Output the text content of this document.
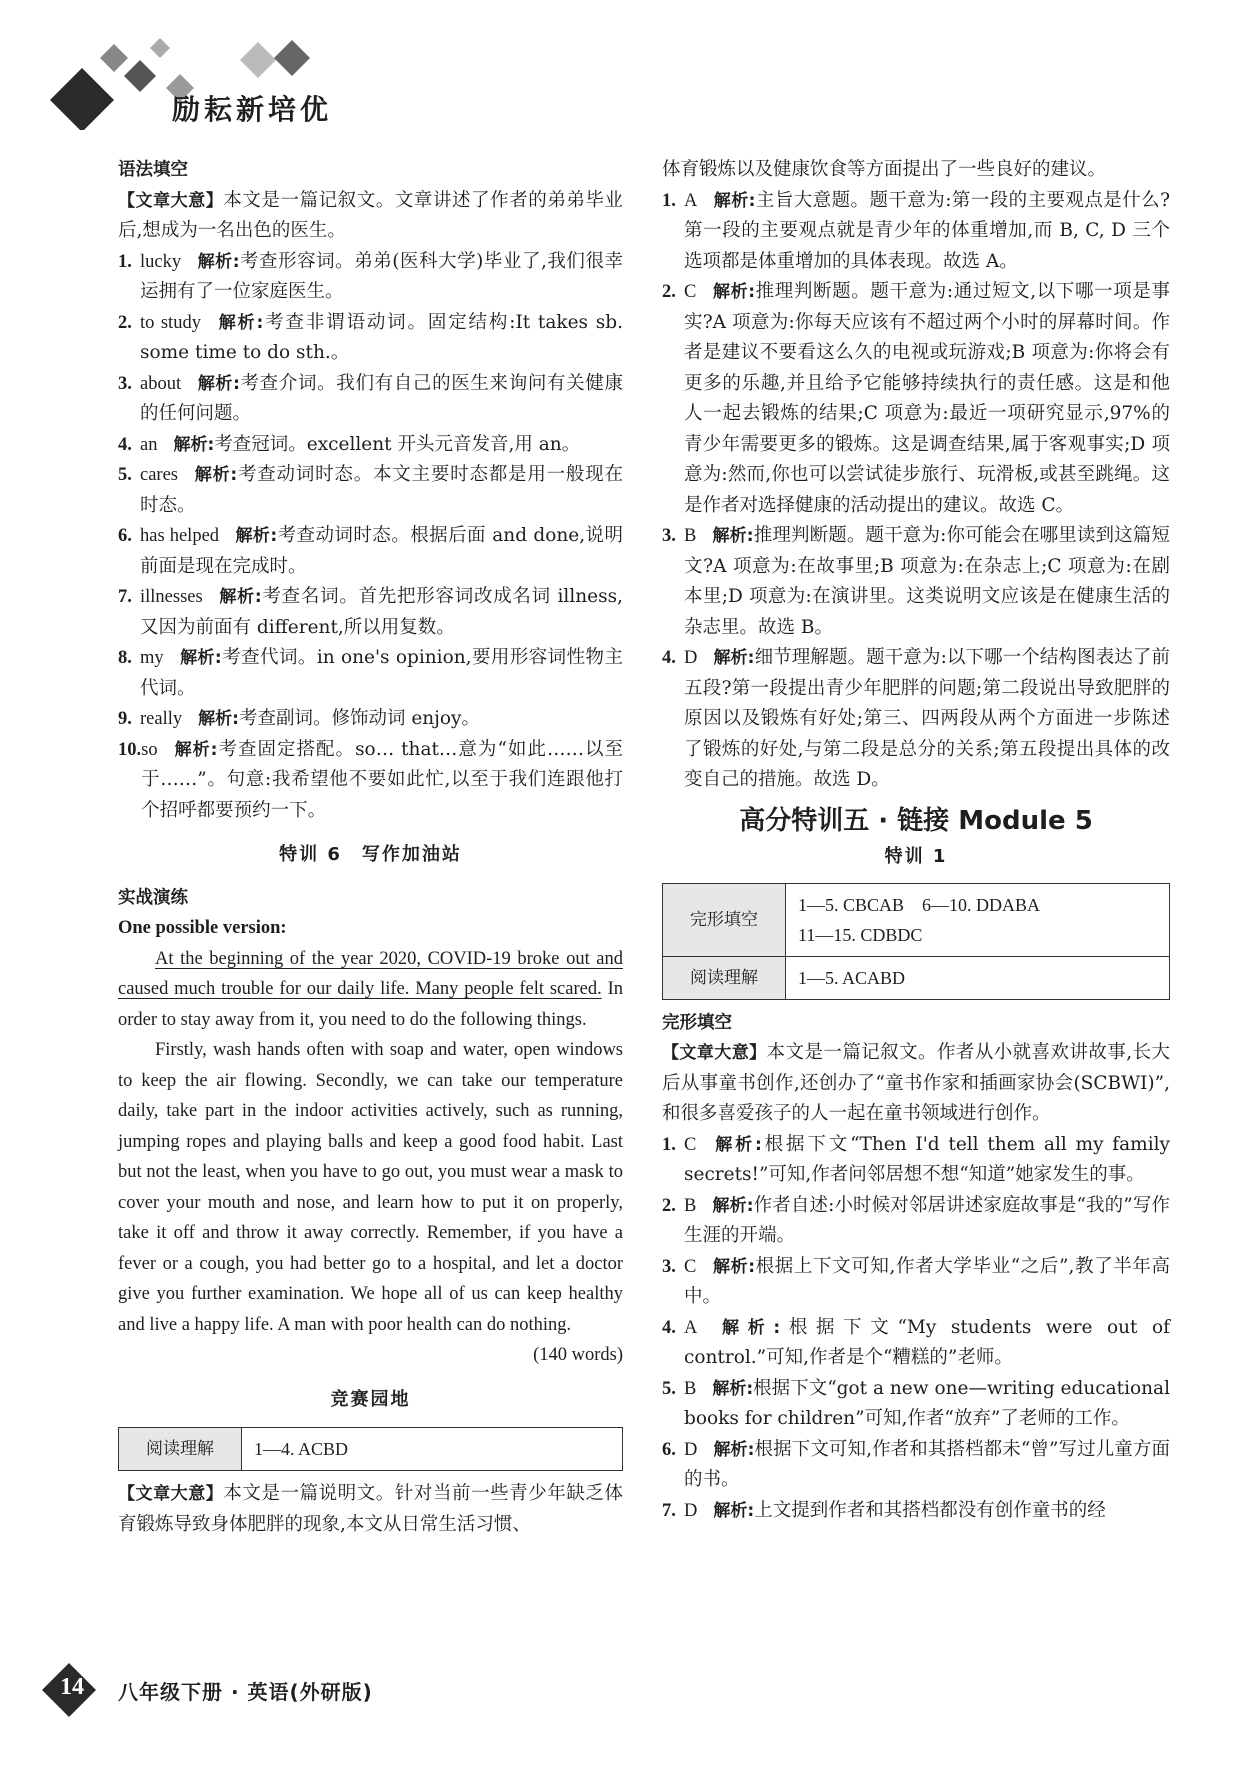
励耘新培优

语法填空

【文章大意】本文是一篇记叙文。文章讲述了作者的弟弟毕业后,想成为一名出色的医生。

1. lucky 解析:考查形容词。弟弟(医科大学)毕业了,我们很幸运拥有了一位家庭医生。
2. to study 解析:考查非谓语动词。固定结构:It takes sb. some time to do sth.。
3. about 解析:考查介词。我们有自己的医生来询问有关健康的任何问题。
4. an 解析:考查冠词。excellent 开头元音发音,用 an。
5. cares 解析:考查动词时态。本文主要时态都是用一般现在时态。
6. has helped 解析:考查动词时态。根据后面 and done,说明前面是现在完成时。
7. illnesses 解析:考查名词。首先把形容词改成名词 illness,又因为前面有 different,所以用复数。
8. my 解析:考查代词。in one's opinion,要用形容词性物主代词。
9. really 解析:考查副词。修饰动词 enjoy。
10. so 解析:考查固定搭配。so… that…意为“如此……以至于……”。句意:我希望他不要如此忙,以至于我们连跟他打个招呼都要预约一下。
特训 6　写作加油站

实战演练

One possible version:

At the beginning of the year 2020, COVID-19 broke out and caused much trouble for our daily life. Many people felt scared. In order to stay away from it, you need to do the following things.

Firstly, wash hands often with soap and water, open windows to keep the air flowing. Secondly, we can take our temperature daily, take part in the indoor activities actively, such as running, jumping ropes and playing balls and keep a good food habit. Last but not the least, when you have to go out, you must wear a mask to cover your mouth and nose, and learn how to put it on properly, take it off and throw it away correctly. Remember, if you have a fever or a cough, you had better go to a hospital, and let a doctor give you further examination. We hope all of us can keep healthy and live a happy life. A man with poor health can do nothing.

(140 words)

竞赛园地
阅读理解	1—4. ACBD

【文章大意】本文是一篇说明文。针对当前一些青少年缺乏体育锻炼导致身体肥胖的现象,本文从日常生活习惯、

体育锻炼以及健康饮食等方面提出了一些良好的建议。

1. A 解析:主旨大意题。题干意为:第一段的主要观点是什么?第一段的主要观点就是青少年的体重增加,而 B, C, D 三个选项都是体重增加的具体表现。故选 A。
2. C 解析:推理判断题。题干意为:通过短文,以下哪一项是事实?A 项意为:你每天应该有不超过两个小时的屏幕时间。作者是建议不要看这么久的电视或玩游戏;B 项意为:你将会有更多的乐趣,并且给予它能够持续执行的责任感。这是和他人一起去锻炼的结果;C 项意为:最近一项研究显示,97%的青少年需要更多的锻炼。这是调查结果,属于客观事实;D 项意为:然而,你也可以尝试徒步旅行、玩滑板,或甚至跳绳。这是作者对选择健康的活动提出的建议。故选 C。
3. B 解析:推理判断题。题干意为:你可能会在哪里读到这篇短文?A 项意为:在故事里;B 项意为:在杂志上;C 项意为:在剧本里;D 项意为:在演讲里。这类说明文应该是在健康生活的杂志里。故选 B。
4. D 解析:细节理解题。题干意为:以下哪一个结构图表达了前五段?第一段提出青少年肥胖的问题;第二段说出导致肥胖的原因以及锻炼有好处;第三、四两段从两个方面进一步陈述了锻炼的好处,与第二段是总分的关系;第五段提出具体的改变自己的措施。故选 D。
高分特训五 · 链接 Module 5
特训 1
完形填空	1—5. CBCAB　6—10. DDABA
11—15. CDBDC

阅读理解	1—5. ACABD

完形填空

【文章大意】本文是一篇记叙文。作者从小就喜欢讲故事,长大后从事童书创作,还创办了“童书作家和插画家协会(SCBWI)”,和很多喜爱孩子的人一起在童书领域进行创作。

1. C 解析:根据下文“Then I'd tell them all my family secrets!”可知,作者问邻居想不想“知道”她家发生的事。
2. B 解析:作者自述:小时候对邻居讲述家庭故事是“我的”写作生涯的开端。
3. C 解析:根据上下文可知,作者大学毕业“之后”,教了半年高中。
4. A 解析:根据下文“My students were out of control.”可知,作者是个“糟糕的”老师。
5. B 解析:根据下文“got a new one—writing educational books for children”可知,作者“放弃”了老师的工作。
6. D 解析:根据下文可知,作者和其搭档都未“曾”写过儿童方面的书。
7. D 解析:上文提到作者和其搭档都没有创作童书的经
14	八年级下册 · 英语(外研版)
